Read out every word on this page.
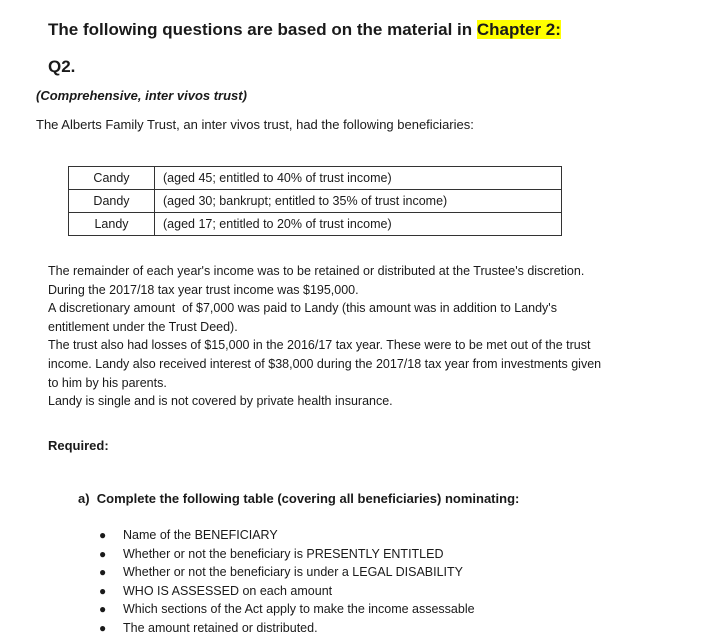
The following questions are based on the material in Chapter 2:
Q2.
(Comprehensive, inter vivos trust)
The Alberts Family Trust, an inter vivos trust, had the following beneficiaries:
Candy	(aged 45; entitled to 40% of trust income)
Dandy	(aged 30; bankrupt; entitled to 35% of trust income)
Landy	(aged 17; entitled to 20% of trust income)
The remainder of each year's income was to be retained or distributed at the Trustee's discretion.
During the 2017/18 tax year trust income was $195,000.
A discretionary amount  of $7,000 was paid to Landy (this amount was in addition to Landy's
entitlement under the Trust Deed).
The trust also had losses of $15,000 in the 2016/17 tax year. These were to be met out of the trust
income. Landy also received interest of $38,000 during the 2017/18 tax year from investments given
to him by his parents.
Landy is single and is not covered by private health insurance.
Required:
a)  Complete the following table (covering all beneficiaries) nominating:
● Name of the BENEFICIARY
● Whether or not the beneficiary is PRESENTLY ENTITLED
● Whether or not the beneficiary is under a LEGAL DISABILITY
● WHO IS ASSESSED on each amount
● Which sections of the Act apply to make the income assessable
● The amount retained or distributed.
